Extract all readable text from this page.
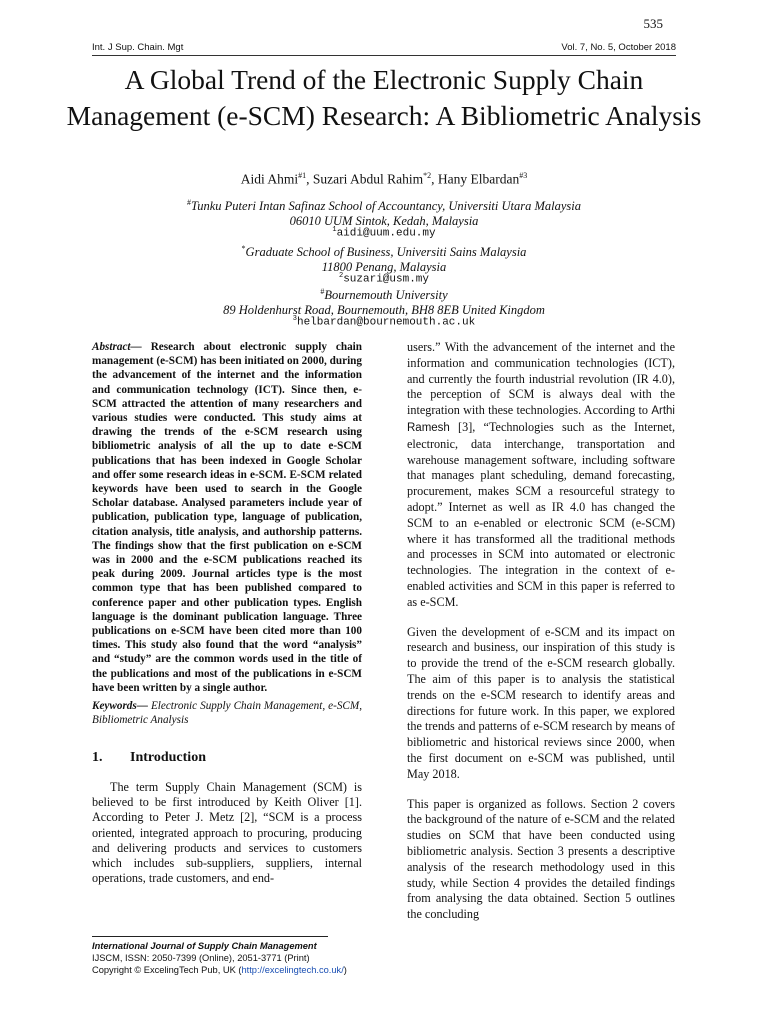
535
Int. J Sup. Chain. Mgt	Vol. 7, No. 5, October 2018
A Global Trend of the Electronic Supply Chain Management (e-SCM) Research: A Bibliometric Analysis
Aidi Ahmi$^{\#1}$, Suzari Abdul Rahim$^{*2}$, Hany Elbardan$^{\#3}$
#Tunku Puteri Intan Safinaz School of Accountancy, Universiti Utara Malaysia
06010 UUM Sintok, Kedah, Malaysia
$^1$aidi@uum.edu.my
*Graduate School of Business, Universiti Sains Malaysia
11800 Penang, Malaysia
$^2$suzari@usm.my
#Bournemouth University
89 Holdenhurst Road, Bournemouth, BH8 8EB United Kingdom
$^3$helbardan@bournemouth.ac.uk

Abstract— Research about electronic supply chain management (e-SCM) has been initiated on 2000, during the advancement of the internet and the information and communication technology (ICT). Since then, e-SCM attracted the attention of many researchers and various studies were conducted. This study aims at drawing the trends of the e-SCM research using bibliometric analysis of all the up to date e-SCM publications that has been indexed in Google Scholar and offer some research ideas in e-SCM. E-SCM related keywords have been used to search in the Google Scholar database. Analysed parameters include year of publication, publication type, language of publication, citation analysis, title analysis, and authorship patterns. The findings show that the first publication on e-SCM was in 2000 and the e-SCM publications reached its peak during 2009. Journal articles type is the most common type that has been published compared to conference paper and other publication types. English language is the dominant publication language. Three publications on e-SCM have been cited more than 100 times. This study also found that the word “analysis” and “study” are the common words used in the title of the publications and most of the publications in e-SCM have been written by a single author.

Keywords— Electronic Supply Chain Management, e-SCM, Bibliometric Analysis

1. Introduction

The term Supply Chain Management (SCM) is believed to be first introduced by Keith Oliver [1]. According to Peter J. Metz [2], “SCM is a process oriented, integrated approach to procuring, producing and delivering products and services to customers which includes sub-suppliers, suppliers, internal operations, trade customers, and end-

users.” With the advancement of the internet and the information and communication technologies (ICT), and currently the fourth industrial revolution (IR 4.0), the perception of SCM is always deal with the integration with these technologies. According to Arthi Ramesh [3], “Technologies such as the Internet, electronic, data interchange, transportation and warehouse management software, including software that manages plant scheduling, demand forecasting, procurement, makes SCM a resourceful strategy to adopt.” Internet as well as IR 4.0 has changed the SCM to an e-enabled or electronic SCM (e-SCM) where it has transformed all the traditional methods and processes in SCM into automated or electronic technologies. The integration in the context of e-enabled activities and SCM in this paper is referred to as e-SCM.

Given the development of e-SCM and its impact on research and business, our inspiration of this study is to provide the trend of the e-SCM research globally. The aim of this paper is to analysis the statistical trends on the e-SCM research to identify areas and directions for future work. In this paper, we explored the trends and patterns of e-SCM research by means of bibliometric and historical reviews since 2000, when the first document on e-SCM was published, until May 2018.

This paper is organized as follows. Section 2 covers the background of the nature of e-SCM and the related studies on SCM that have been conducted using bibliometric analysis. Section 3 presents a descriptive analysis of the research methodology used in this study, while Section 4 provides the detailed findings from analysing the data obtained. Section 5 outlines the concluding

International Journal of Supply Chain Management
IJSCM, ISSN: 2050-7399 (Online), 2051-3771 (Print)
Copyright © ExcelingTech Pub, UK (http://excelingtech.co.uk/)
